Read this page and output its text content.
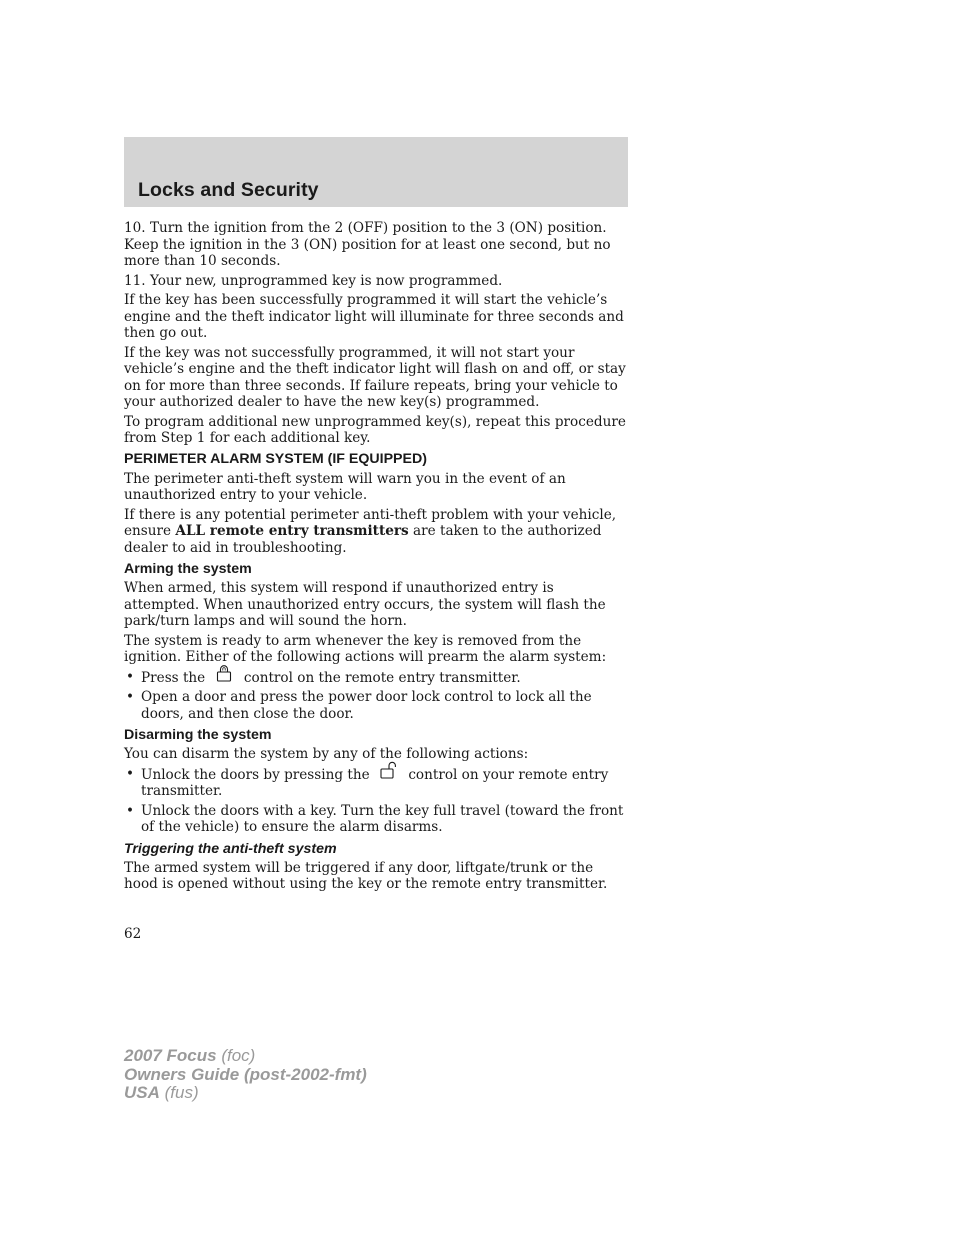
Locks and Security

10. Turn the ignition from the 2 (OFF) position to the 3 (ON) position. Keep the ignition in the 3 (ON) position for at least one second, but no more than 10 seconds.

11. Your new, unprogrammed key is now programmed.

If the key has been successfully programmed it will start the vehicle’s engine and the theft indicator light will illuminate for three seconds and then go out.

If the key was not successfully programmed, it will not start your vehicle’s engine and the theft indicator light will flash on and off, or stay on for more than three seconds. If failure repeats, bring your vehicle to your authorized dealer to have the new key(s) programmed.

To program additional new unprogrammed key(s), repeat this procedure from Step 1 for each additional key.

PERIMETER ALARM SYSTEM (IF EQUIPPED)

The perimeter anti-theft system will warn you in the event of an unauthorized entry to your vehicle.

If there is any potential perimeter anti-theft problem with your vehicle, ensure ALL remote entry transmitters are taken to the authorized dealer to aid in troubleshooting.

Arming the system

When armed, this system will respond if unauthorized entry is attempted. When unauthorized entry occurs, the system will flash the park/turn lamps and will sound the horn.

The system is ready to arm whenever the key is removed from the ignition. Either of the following actions will prearm the alarm system:

• Press the	control on the remote entry transmitter.
• Open a door and press the power door lock control to lock all the doors, and then close the door.
Disarming the system

You can disarm the system by any of the following actions:

• Unlock the doors by pressing the	control on your remote entry transmitter.
• Unlock the doors with a key. Turn the key full travel (toward the front of the vehicle) to ensure the alarm disarms.
Triggering the anti-theft system

The armed system will be triggered if any door, liftgate/trunk or the hood is opened without using the key or the remote entry transmitter.

62
2007 Focus (foc)
Owners Guide (post-2002-fmt)
USA (fus)
